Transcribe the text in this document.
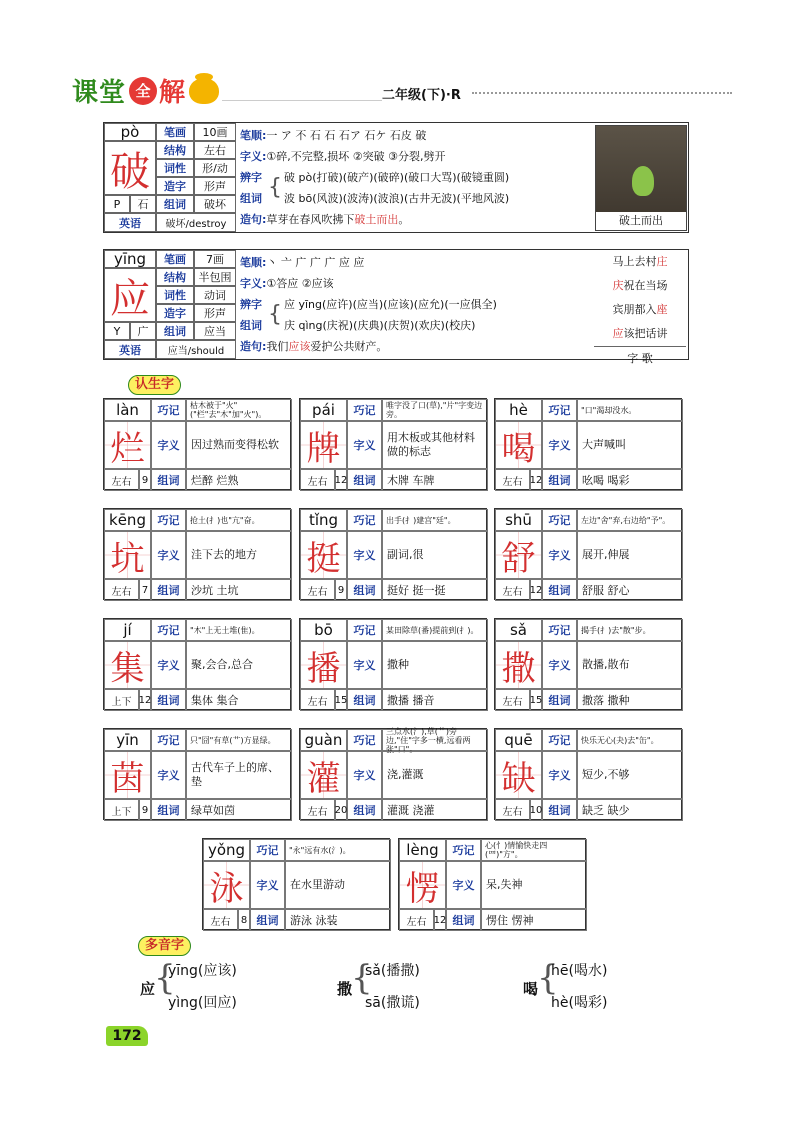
课堂 全 解	二年级(下)·R
pò
破
P	石
英语
笔画	10画
结构	左右
词性	形/动
造字	形声
组词	破坏
破坏/destroy
笔顺:一 ア 不 石 石 石ア 石ケ 石皮 破
字义:①碎,不完整,损坏 ②突破 ③分裂,劈开
辨字
组词 { 破 pò(打破)(破产)(破碎)(破口大骂)(破镜重圆)
波 bō(风波)(波涛)(波浪)(古井无波)(平地风波)
造句:草芽在春风吹拂下破土而出。	破土而出
yīng
应
Y	广
英语
笔画	7画
结构	半包围
词性	动词
造字	形声
组词	应当
应当/should
笔顺:丶 亠 广 广 广 应 应
字义:①答应 ②应该
辨字
组词 { 应 yīng(应许)(应当)(应该)(应允)(一应俱全)
庆 qìng(庆祝)(庆典)(庆贺)(欢庆)(校庆)
造句:我们应该爱护公共财产。
马上去村庄
庆祝在当场
宾朋都入座
应该把话讲
字 歌
认生字
làn	巧记	枯木被于"火"("栏"去"木"加"火")。
烂	字义	因过熟而变得松软
左右	9 组词	烂醉 烂熟
pái	巧记	唯字没了口(草),"片"字变边旁。
牌	字义
用木板或其他材料做的标志
左右 12 组词	木牌 车牌
hè	巧记	"口"渴却没水。
喝	字义	大声喊叫
左右 12 组词	吆喝 喝彩
kēng	巧记	抢土(扌)也"亢"奋。
坑	字义	洼下去的地方
左右	7 组词	沙坑 土坑
tǐng	巧记	出手(扌)建宫"廷"。
挺	字义	副词,很
左右	9 组词	挺好 挺一挺
shū	巧记	左边"舍"弃,右边给"予"。
舒	字义	展开,伸展
左右 12 组词	舒服 舒心
jí	巧记	"木"上无土堆(隹)。
集	字义	聚,会合,总合
上下 12 组词	集体 集合
bō	巧记	某田除草(番)提前到(扌)。
播	字义	撒种
左右 15 组词	撒播 播音
sǎ	巧记	揭手(扌)去"散"步。
撒	字义	散播,散布
左右 15 组词	撒落 撒种
yīn	巧记	只"囧"有草(艹)方显绿。
茵	字义
古代车子上的席、垫
上下	9 组词	绿草如茵
guàn	巧记
三点水(氵),草(艹)旁边,"住"字多一横,远看两张"口"。
灌	字义	浇,灌溉
左右 20 组词	灌溉 浇灌
quē	巧记	快乐无心(夬)去"缶"。
缺	字义	短少,不够
左右 10 组词	缺乏 缺少
yǒng	巧记	"永"远有水(氵)。
泳	字义	在水里游动
左右	8 组词	游泳 泳装
lèng	巧记	心(忄)情愉快走四(罒)"方"。
愣	字义	呆,失神
左右 12 组词	愣住 愣神
多音字
应
{
yīng(应该)
yìng(回应)
撒
{
sǎ(播撒)
sā(撒谎)
喝
{
hē(喝水)
hè(喝彩)
172
